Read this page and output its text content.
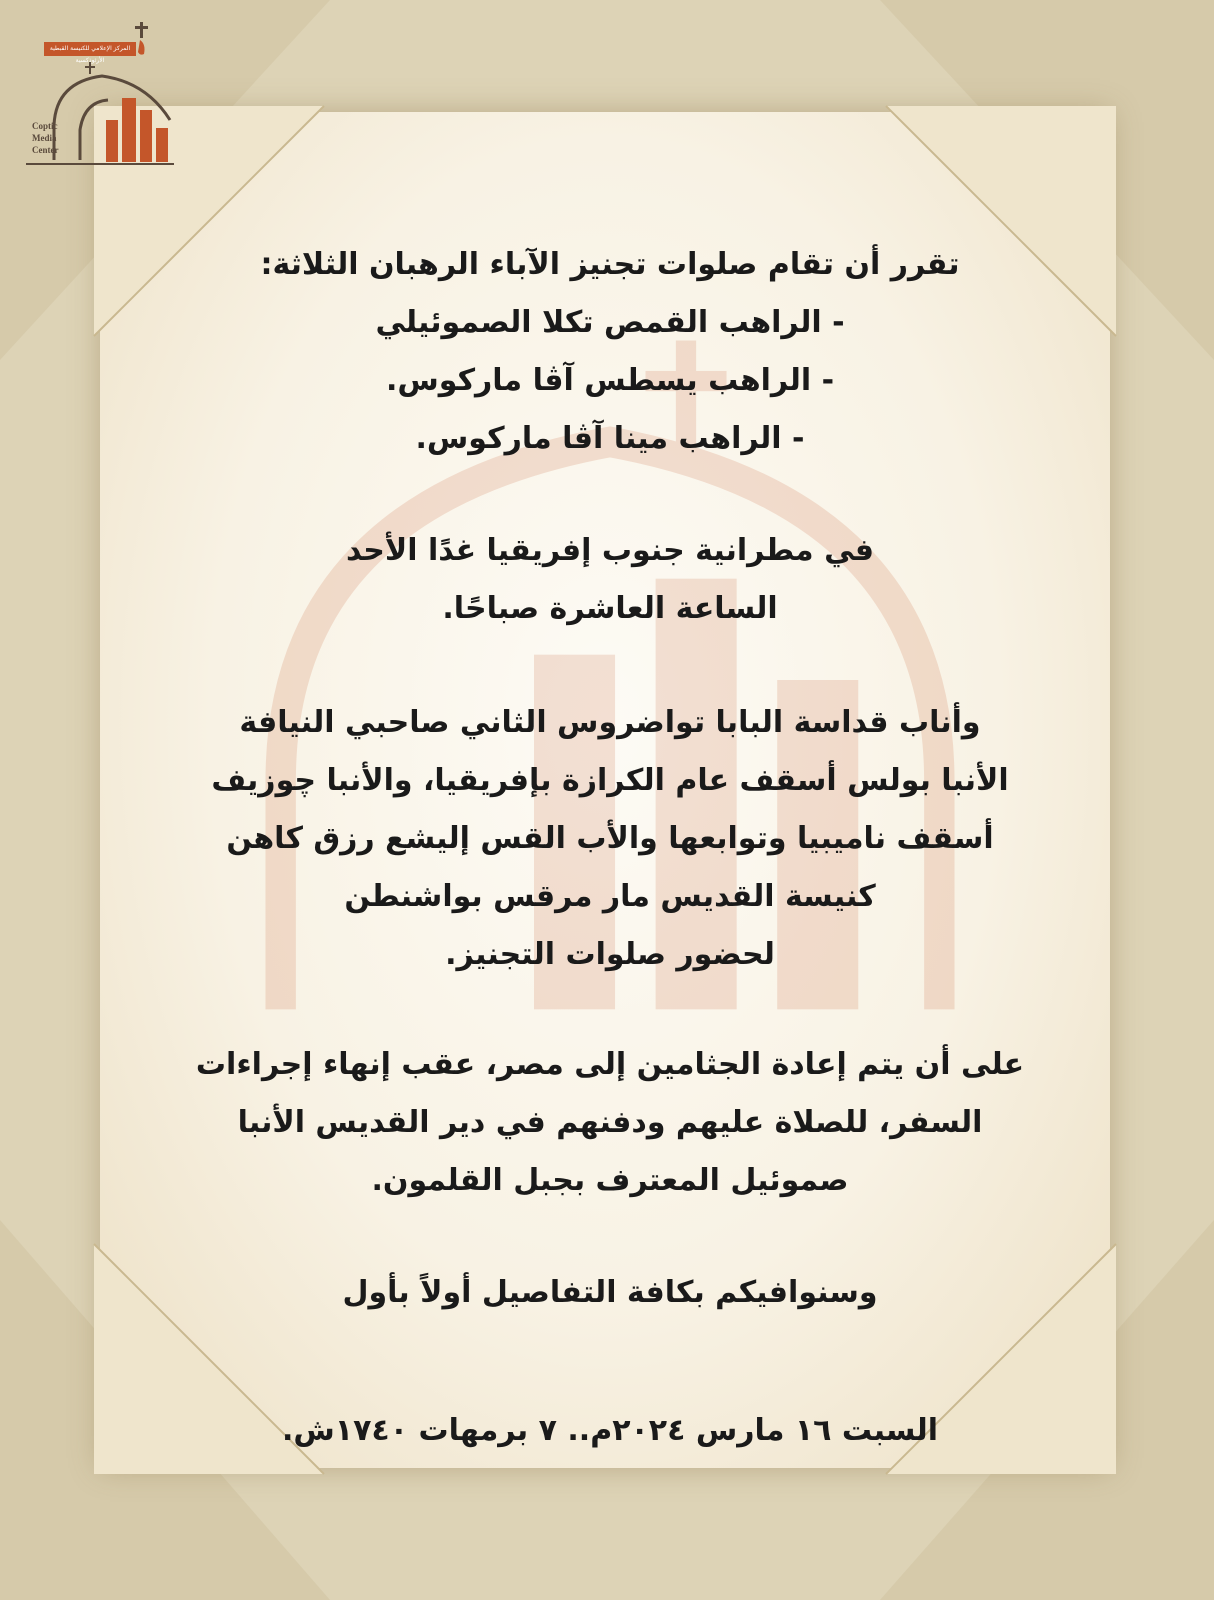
المركز الإعلامي للكنيسة القبطية الأرثوذكسية
Coptic
Media
Center

تقرر أن تقام صلوات تجنيز الآباء الرهبان الثلاثة:

- الراهب القمص تكلا الصموئيلي

- الراهب يسطس آڤا ماركوس.

- الراهب مينا آڤا ماركوس.

في مطرانية جنوب إفريقيا غدًا الأحد

الساعة العاشرة صباحًا.

وأناب قداسة البابا تواضروس الثاني صاحبي النيافة

الأنبا بولس أسقف عام الكرازة بإفريقيا، والأنبا چوزيف

أسقف ناميبيا وتوابعها والأب القس إليشع رزق كاهن

كنيسة القديس مار مرقس بواشنطن

لحضور صلوات التجنيز.

على أن يتم إعادة الجثامين إلى مصر، عقب إنهاء إجراءات

السفر، للصلاة عليهم ودفنهم في دير القديس الأنبا

صموئيل المعترف بجبل القلمون.

وسنوافيكم بكافة التفاصيل أولاً بأول

السبت ١٦ مارس ٢٠٢٤م.. ٧ برمهات ١٧٤٠ش.
